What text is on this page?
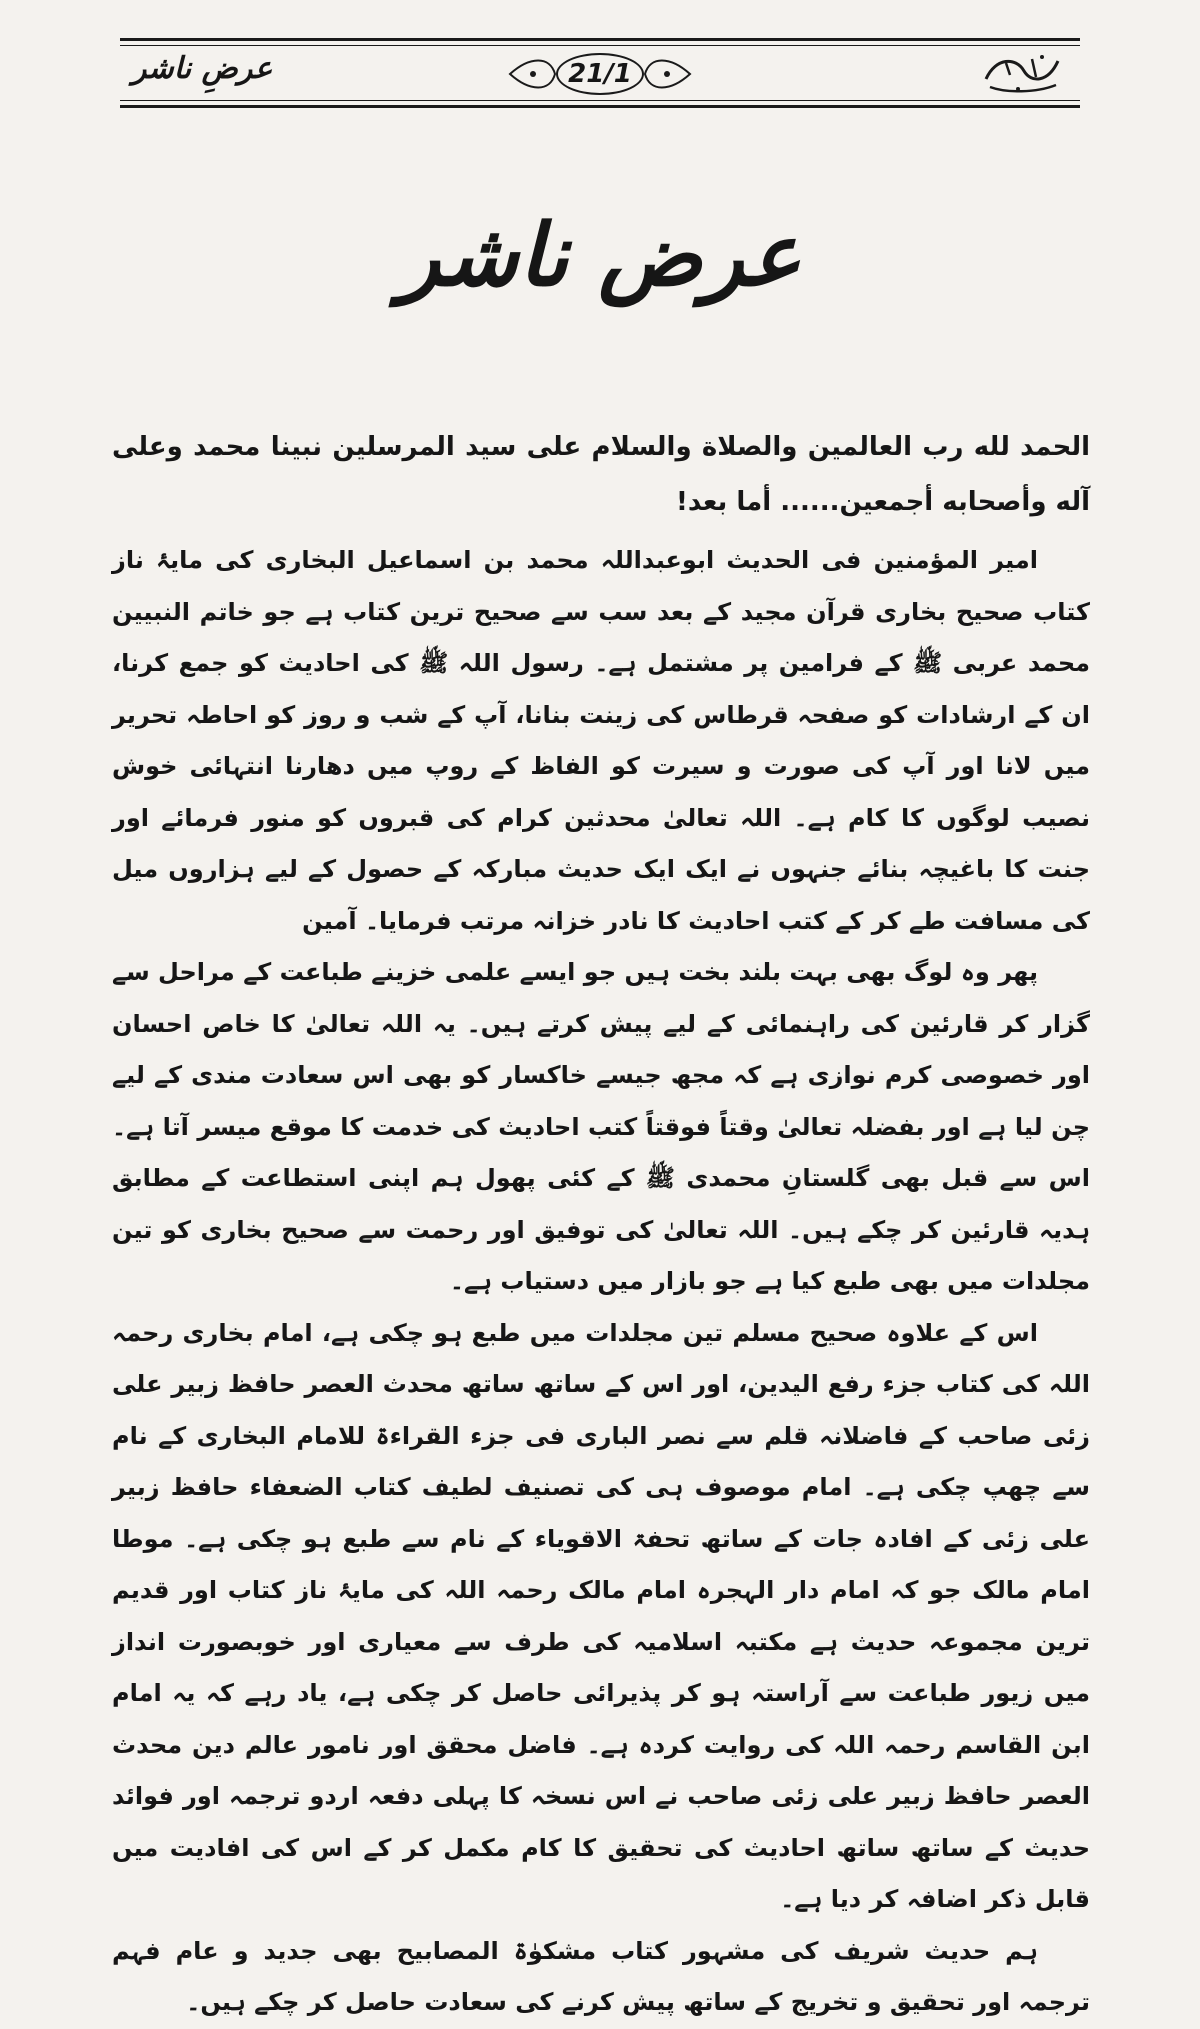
عرضِ ناشر	21/1
عرض ناشر
الحمد لله رب العالمين والصلاة والسلام على سيد المرسلين نبينا محمد وعلى آله وأصحابه أجمعين...... أما بعد!

امیر المؤمنین فی الحدیث ابوعبداللہ محمد بن اسماعیل البخاری کی مایۂ ناز کتاب صحیح بخاری قرآن مجید کے بعد سب سے صحیح ترین کتاب ہے جو خاتم النبیین محمد عربی ﷺ کے فرامین پر مشتمل ہے۔ رسول اللہ ﷺ کی احادیث کو جمع کرنا، ان کے ارشادات کو صفحہ قرطاس کی زینت بنانا، آپ کے شب و روز کو احاطہ تحریر میں لانا اور آپ کی صورت و سیرت کو الفاظ کے روپ میں دھارنا انتہائی خوش نصیب لوگوں کا کام ہے۔ اللہ تعالیٰ محدثین کرام کی قبروں کو منور فرمائے اور جنت کا باغیچہ بنائے جنہوں نے ایک ایک حدیث مبارکہ کے حصول کے لیے ہزاروں میل کی مسافت طے کر کے کتب احادیث کا نادر خزانہ مرتب فرمایا۔ آمین

پھر وہ لوگ بھی بہت بلند بخت ہیں جو ایسے علمی خزینے طباعت کے مراحل سے گزار کر قارئین کی راہنمائی کے لیے پیش کرتے ہیں۔ یہ اللہ تعالیٰ کا خاص احسان اور خصوصی کرم نوازی ہے کہ مجھ جیسے خاکسار کو بھی اس سعادت مندی کے لیے چن لیا ہے اور بفضلہ تعالیٰ وقتاً فوقتاً کتب احادیث کی خدمت کا موقع میسر آتا ہے۔ اس سے قبل بھی گلستانِ محمدی ﷺ کے کئی پھول ہم اپنی استطاعت کے مطابق ہدیہ قارئین کر چکے ہیں۔ اللہ تعالیٰ کی توفیق اور رحمت سے صحیح بخاری کو تین مجلدات میں بھی طبع کیا ہے جو بازار میں دستیاب ہے۔

اس کے علاوہ صحیح مسلم تین مجلدات میں طبع ہو چکی ہے، امام بخاری رحمہ اللہ کی کتاب جزء رفع الیدین، اور اس کے ساتھ ساتھ محدث العصر حافظ زبیر علی زئی صاحب کے فاضلانہ قلم سے نصر الباری فی جزء القراءۃ للامام البخاری کے نام سے چھپ چکی ہے۔ امام موصوف ہی کی تصنیف لطیف کتاب الضعفاء حافظ زبیر علی زئی کے افادہ جات کے ساتھ تحفۃ الاقویاء کے نام سے طبع ہو چکی ہے۔ موطا امام مالک جو کہ امام دار الہجرہ امام مالک رحمہ اللہ کی مایۂ ناز کتاب اور قدیم ترین مجموعہ حدیث ہے مکتبہ اسلامیہ کی طرف سے معیاری اور خوبصورت انداز میں زیور طباعت سے آراستہ ہو کر پذیرائی حاصل کر چکی ہے، یاد رہے کہ یہ امام ابن القاسم رحمہ اللہ کی روایت کردہ ہے۔ فاضل محقق اور نامور عالم دین محدث العصر حافظ زبیر علی زئی صاحب نے اس نسخہ کا پہلی دفعہ اردو ترجمہ اور فوائد حدیث کے ساتھ ساتھ احادیث کی تحقیق کا کام مکمل کر کے اس کی افادیت میں قابل ذکر اضافہ کر دیا ہے۔

ہم حدیث شریف کی مشہور کتاب مشکوٰۃ المصابیح بھی جدید و عام فہم ترجمہ اور تحقیق و تخریج کے ساتھ پیش کرنے کی سعادت حاصل کر چکے ہیں۔
